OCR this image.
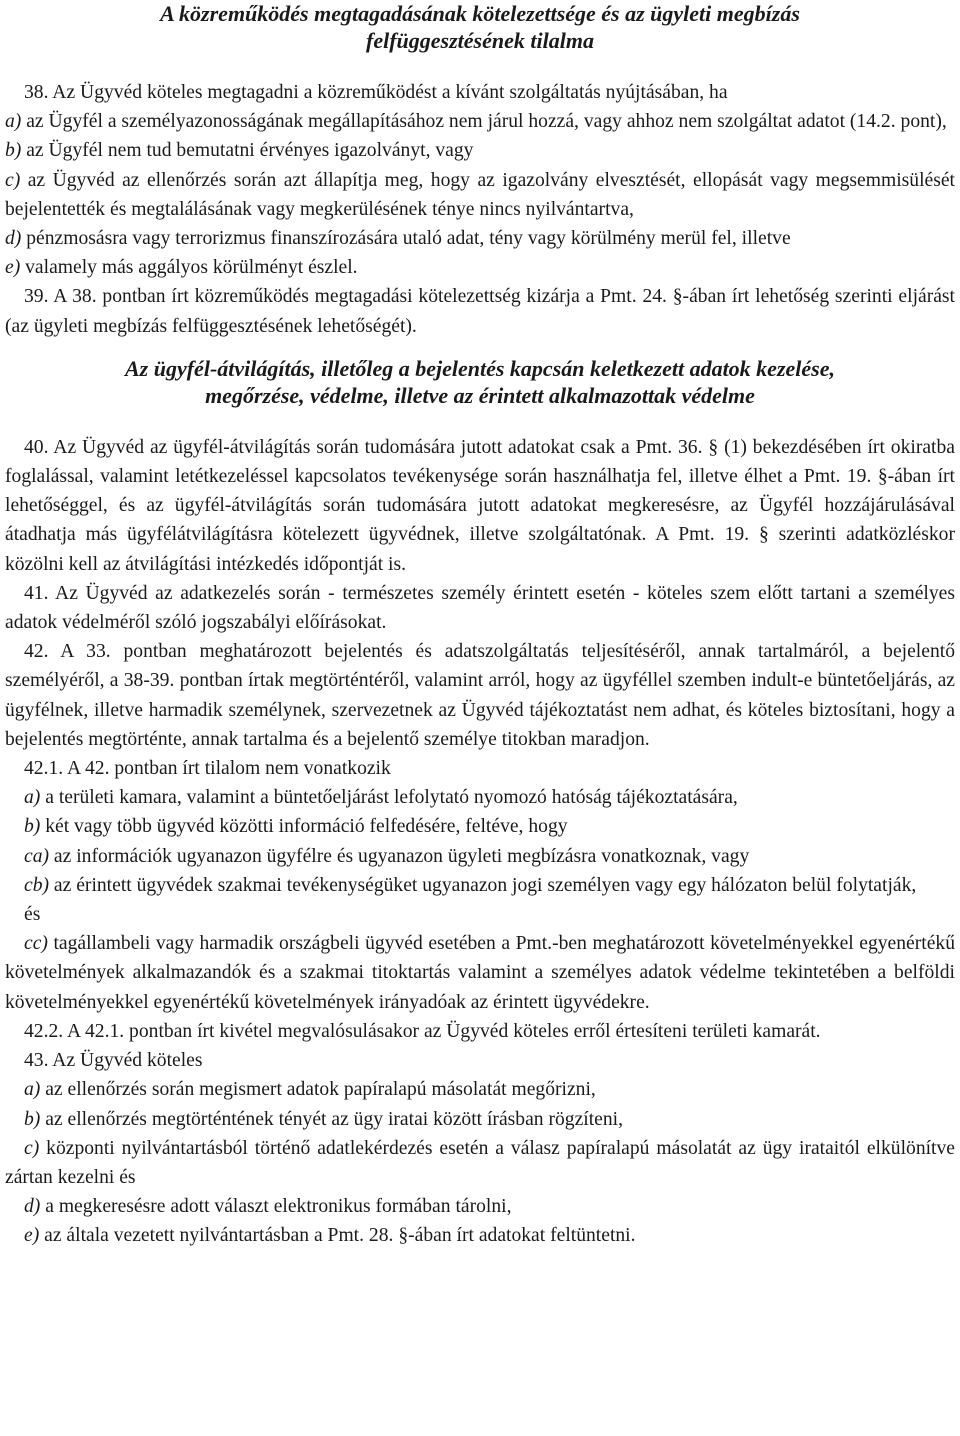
A közreműködés megtagadásának kötelezettsége és az ügyleti megbízás
felfüggesztésének tilalma

38. Az Ügyvéd köteles megtagadni a közreműködést a kívánt szolgáltatás nyújtásában, ha

a) az Ügyfél a személyazonosságának megállapításához nem járul hozzá, vagy ahhoz nem szolgáltat adatot (14.2. pont),

b) az Ügyfél nem tud bemutatni érvényes igazolványt, vagy

c) az Ügyvéd az ellenőrzés során azt állapítja meg, hogy az igazolvány elvesztését, ellopását vagy megsemmisülését bejelentették és megtalálásának vagy megkerülésének ténye nincs nyilvántartva,

d) pénzmosásra vagy terrorizmus finanszírozására utaló adat, tény vagy körülmény merül fel, illetve

e) valamely más aggályos körülményt észlel.

39. A 38. pontban írt közreműködés megtagadási kötelezettség kizárja a Pmt. 24. §-ában írt lehetőség szerinti eljárást (az ügyleti megbízás felfüggesztésének lehetőségét).

Az ügyfél-átvilágítás, illetőleg a bejelentés kapcsán keletkezett adatok kezelése,
megőrzése, védelme, illetve az érintett alkalmazottak védelme

40. Az Ügyvéd az ügyfél-átvilágítás során tudomására jutott adatokat csak a Pmt. 36. § (1) bekezdésében írt okiratba foglalással, valamint letétkezeléssel kapcsolatos tevékenysége során használhatja fel, illetve élhet a Pmt. 19. §-ában írt lehetőséggel, és az ügyfél-átvilágítás során tudomására jutott adatokat megkeresésre, az Ügyfél hozzájárulásával átadhatja más ügyfélátvilágításra kötelezett ügyvédnek, illetve szolgáltatónak. A Pmt. 19. § szerinti adatközléskor közölni kell az átvilágítási intézkedés időpontját is.

41. Az Ügyvéd az adatkezelés során - természetes személy érintett esetén - köteles szem előtt tartani a személyes adatok védelméről szóló jogszabályi előírásokat.

42. A 33. pontban meghatározott bejelentés és adatszolgáltatás teljesítéséről, annak tartalmáról, a bejelentő személyéről, a 38-39. pontban írtak megtörténtéről, valamint arról, hogy az ügyféllel szemben indult-e büntetőeljárás, az ügyfélnek, illetve harmadik személynek, szervezetnek az Ügyvéd tájékoztatást nem adhat, és köteles biztosítani, hogy a bejelentés megtörténte, annak tartalma és a bejelentő személye titokban maradjon.

42.1. A 42. pontban írt tilalom nem vonatkozik

a) a területi kamara, valamint a büntetőeljárást lefolytató nyomozó hatóság tájékoztatására,

b) két vagy több ügyvéd közötti információ felfedésére, feltéve, hogy

ca) az információk ugyanazon ügyfélre és ugyanazon ügyleti megbízásra vonatkoznak, vagy

cb) az érintett ügyvédek szakmai tevékenységüket ugyanazon jogi személyen vagy egy hálózaton belül folytatják,

és

cc) tagállambeli vagy harmadik országbeli ügyvéd esetében a Pmt.-ben meghatározott követelményekkel egyenértékű követelmények alkalmazandók és a szakmai titoktartás valamint a személyes adatok védelme tekintetében a belföldi követelményekkel egyenértékű követelmények irányadóak az érintett ügyvédekre.

42.2. A 42.1. pontban írt kivétel megvalósulásakor az Ügyvéd köteles erről értesíteni területi kamarát.

43. Az Ügyvéd köteles

a) az ellenőrzés során megismert adatok papíralapú másolatát megőrizni,

b) az ellenőrzés megtörténtének tényét az ügy iratai között írásban rögzíteni,

c) központi nyilvántartásból történő adatlekérdezés esetén a válasz papíralapú másolatát az ügy irataitól elkülönítve zártan kezelni és

d) a megkeresésre adott választ elektronikus formában tárolni,

e) az általa vezetett nyilvántartásban a Pmt. 28. §-ában írt adatokat feltüntetni.
